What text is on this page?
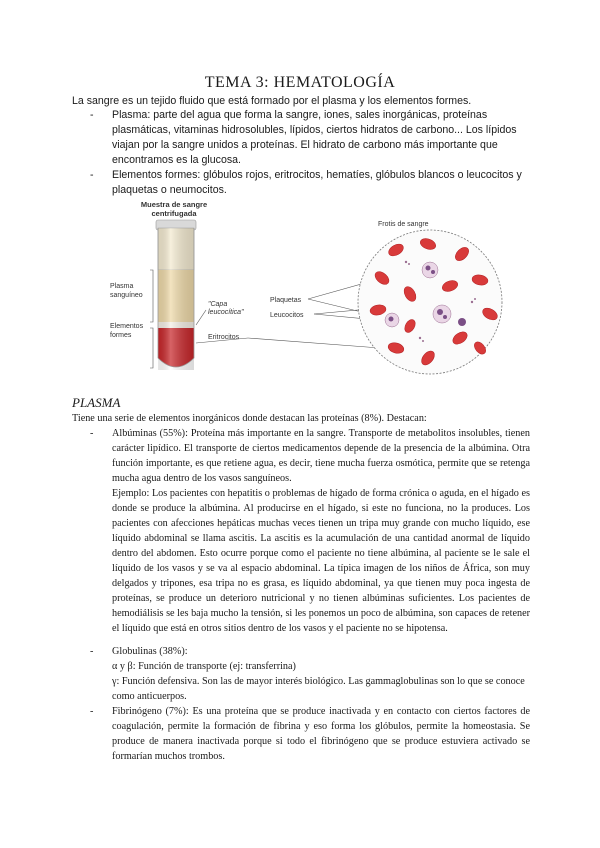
TEMA 3: HEMATOLOGÍA
La sangre es un tejido fluido que está formado por el plasma y los elementos formes.
- Plasma: parte del agua que forma la sangre, iones, sales inorgánicas, proteínas plasmáticas, vitaminas hidrosolubles, lípidos, ciertos hidratos de carbono... Los lípidos viajan por la sangre unidos a proteínas. El hidrato de carbono más importante que encontramos es la glucosa.
- Elementos formes: glóbulos rojos, eritrocitos, hematíes, glóbulos blancos o leucocitos y plaquetas o neumocitos.
Muestra de sangre
centrifugada
Plasma
sanguíneo
Elementos
formes
"Capa
leucocítica"
Plaquetas
Leucocitos
Eritrocitos
Frotis de sangre
PLASMA
Tiene una serie de elementos inorgánicos donde destacan las proteínas (8%). Destacan:
- Albúminas (55%): Proteína más importante en la sangre. Transporte de metabolitos insolubles, tienen carácter lipídico. El transporte de ciertos medicamentos depende de la presencia de la albúmina. Otra función importante, es que retiene agua, es decir, tiene mucha fuerza osmótica, permite que se retenga mucha agua dentro de los vasos sanguíneos.
Ejemplo: Los pacientes con hepatitis o problemas de hígado de forma crónica o aguda, en el hígado es donde se produce la albúmina. Al producirse en el hígado, si este no funciona, no la produces. Los pacientes con afecciones hepáticas muchas veces tienen un tripa muy grande con mucho líquido, ese líquido abdominal se llama ascitis. La ascitis es la acumulación de una cantidad anormal de líquido dentro del abdomen. Esto ocurre porque como el paciente no tiene albúmina, al paciente se le sale el líquido de los vasos y se va al espacio abdominal. La típica imagen de los niños de África, son muy delgados y tripones, esa tripa no es grasa, es líquido abdominal, ya que tienen muy poca ingesta de proteínas, se produce un deterioro nutricional y no tienen albúminas suficientes. Los pacientes de hemodiálisis se les baja mucho la tensión, si les ponemos un poco de albúmina, son capaces de retener el líquido que está en otros sitios dentro de los vasos y el paciente no se hipotensa.
- Globulinas (38%):
α y β: Función de transporte (ej: transferrina)
γ: Función defensiva. Son las de mayor interés biológico. Las gammaglobulinas son lo que se conoce como anticuerpos.
- Fibrinógeno (7%): Es una proteína que se produce inactivada y en contacto con ciertos factores de coagulación, permite la formación de fibrina y eso forma los glóbulos, permite la homeostasia. Se produce de manera inactivada porque si todo el fibrinógeno que se produce estuviera activado se formarían muchos trombos.
